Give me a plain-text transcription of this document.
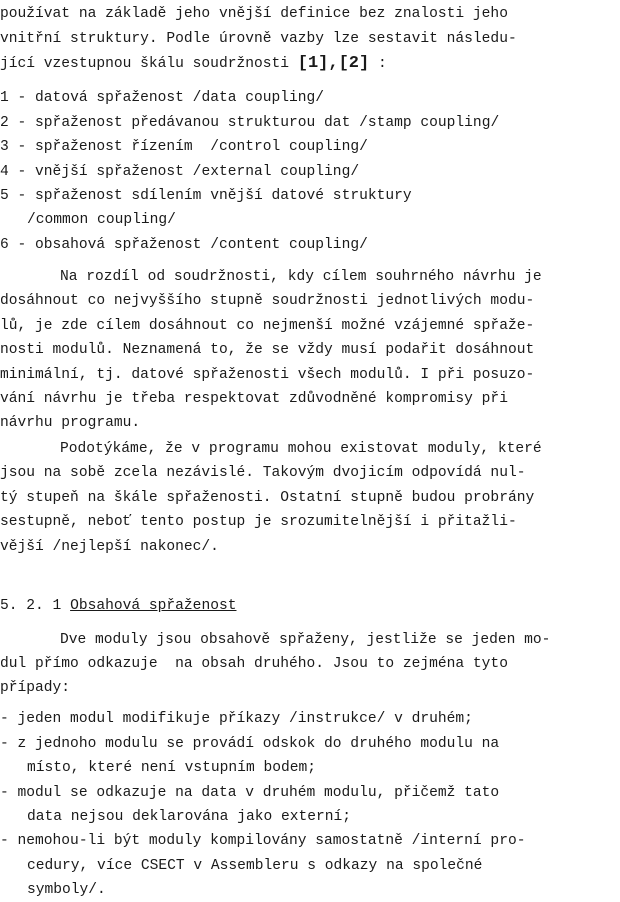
používat na základě jeho vnější definice bez znalosti jeho
vnitřní struktury. Podle úrovně vazby lze sestavit následu-
jící vzestupnou škálu soudržnosti [1],[2] :
1 - datová spřaženost /data coupling/
2 - spřaženost předávanou strukturou dat /stamp coupling/
3 - spřaženost řízením  /control coupling/
4 - vnější spřaženost /external coupling/
5 - spřaženost sdílením vnější datové struktury
/common coupling/
6 - obsahová spřaženost /content coupling/
Na rozdíl od soudržnosti, kdy cílem souhrného návrhu je
dosáhnout co nejvyššího stupně soudržnosti jednotlivých modu-
lů, je zde cílem dosáhnout co nejmenší možné vzájemné spřaže-
nosti modulů. Neznamená to, že se vždy musí podařit dosáhnout
minimální, tj. datové spřaženosti všech modulů. I při posuzo-
vání návrhu je třeba respektovat zdůvodněné kompromisy při
návrhu programu.
Podotýkáme, že v programu mohou existovat moduly, které
jsou na sobě zcela nezávislé. Takovým dvojicím odpovídá nul-
tý stupeň na škále spřaženosti. Ostatní stupně budou probrány
sestupně, neboť tento postup je srozumitelnější i přitažli-
vější /nejlepší nakonec/.
5. 2. 1 Obsahová spřaženost
Dve moduly jsou obsahově spřaženy, jestliže se jeden mo-
dul přímo odkazuje  na obsah druhého. Jsou to zejména tyto
případy:
- jeden modul modifikuje příkazy /instrukce/ v druhém;
- z jednoho modulu se provádí odskok do druhého modulu na
místo, které není vstupním bodem;
- modul se odkazuje na data v druhém modulu, přičemž tato
data nejsou deklarována jako externí;
- nemohou-li být moduly kompilovány samostatně /interní pro-
cedury, více CSECT v Assembleru s odkazy na společné
symboly/.
